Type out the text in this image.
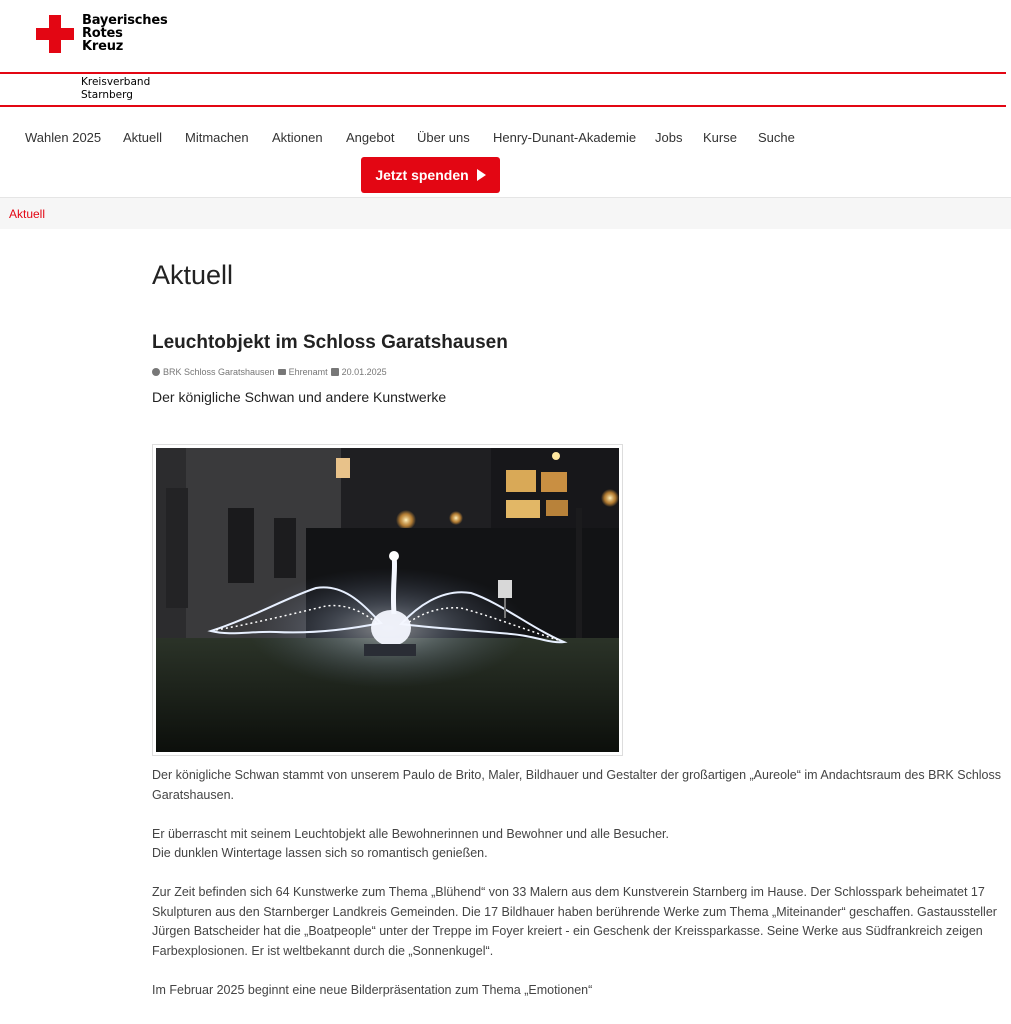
Bayerisches
Rotes
Kreuz
Kreisverband
Starnberg
Wahlen 2025 Aktuell Mitmachen Aktionen Angebot Über uns Henry-Dunant-Akademie Jobs Kurse Suche
Jetzt spenden
Aktuell
Aktuell
Leuchtobjekt im Schloss Garatshausen
BRK Schloss Garatshausen Ehrenamt 20.01.2025
Der königliche Schwan und andere Kunstwerke

Der königliche Schwan stammt von unserem Paulo de Brito, Maler, Bildhauer und Gestalter der großartigen „Aureole“ im Andachtsraum des BRK Schloss Garatshausen.

Er überrascht mit seinem Leuchtobjekt alle Bewohnerinnen und Bewohner und alle Besucher.
Die dunklen Wintertage lassen sich so romantisch genießen.

Zur Zeit befinden sich 64 Kunstwerke zum Thema „Blühend“ von 33 Malern aus dem Kunstverein Starnberg im Hause. Der Schlosspark beheimatet 17 Skulpturen aus den Starnberger Landkreis Gemeinden. Die 17 Bildhauer haben berührende Werke zum Thema „Miteinander“ geschaffen. Gastaussteller Jürgen Batscheider hat die „Boatpeople“ unter der Treppe im Foyer kreiert - ein Geschenk der Kreissparkasse. Seine Werke aus Südfrankreich zeigen Farbexplosionen. Er ist weltbekannt durch die „Sonnenkugel“.

Im Februar 2025 beginnt eine neue Bilderpräsentation zum Thema „Emotionen“
